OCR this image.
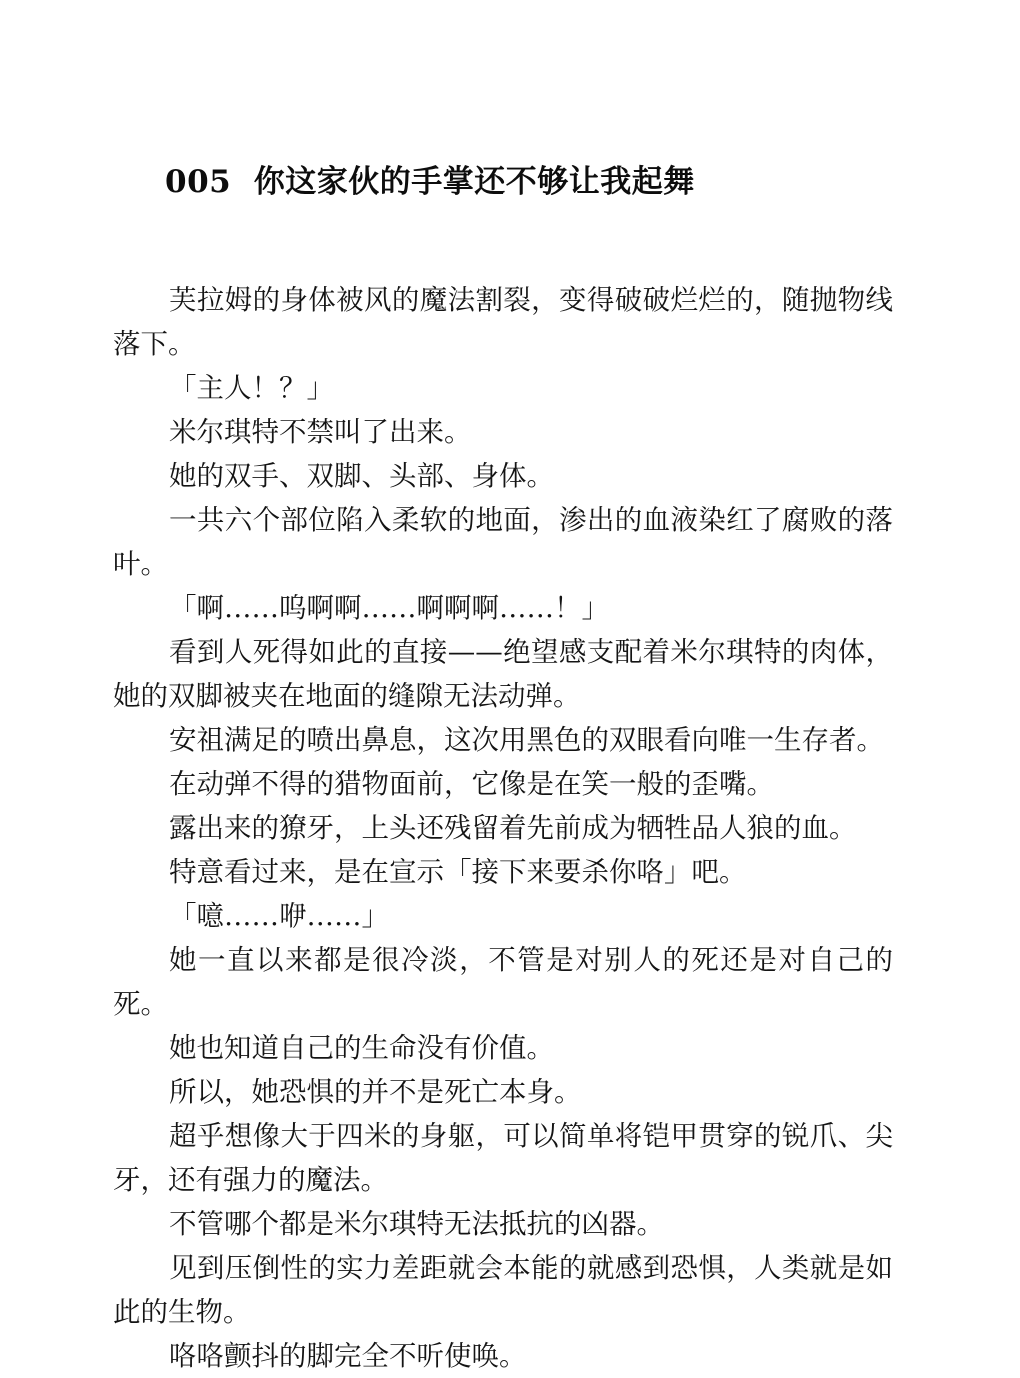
005  你这家伙的手掌还不够让我起舞

芙拉姆的身体被风的魔法割裂，变得破破烂烂的，随抛物线落下。

「主人！？」

米尔琪特不禁叫了出来。

她的双手、双脚、头部、身体。

一共六个部位陷入柔软的地面，渗出的血液染红了腐败的落叶。

「啊……呜啊啊……啊啊啊……！」

看到人死得如此的直接——绝望感支配着米尔琪特的肉体，她的双脚被夹在地面的缝隙无法动弹。

安祖满足的喷出鼻息，这次用黑色的双眼看向唯一生存者。

在动弹不得的猎物面前，它像是在笑一般的歪嘴。

露出来的獠牙，上头还残留着先前成为牺牲品人狼的血。

特意看过来，是在宣示「接下来要杀你咯」吧。

「噫……咿……」

她一直以来都是很冷淡，不管是对别人的死还是对自己的死。

她也知道自己的生命没有价值。

所以，她恐惧的并不是死亡本身。

超乎想像大于四米的身躯，可以简单将铠甲贯穿的锐爪、尖牙，还有强力的魔法。

不管哪个都是米尔琪特无法抵抗的凶器。

见到压倒性的实力差距就会本能的就感到恐惧，人类就是如此的生物。

咯咯颤抖的脚完全不听使唤。
